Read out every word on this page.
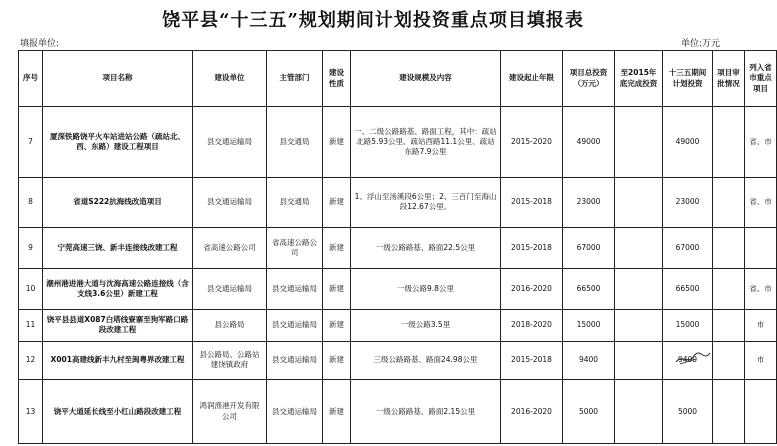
饶平县“十三五”规划期间计划投资重点项目填报表
填报单位:	单位:万元
序号	项目名称	建设单位	主管部门	建设性质	建设规模及内容	建设起止年限	项目总投资（万元）	至2015年底完成投资	十三五期间计划投资	项目审批情况	列入省市重点项目
7	厦深铁路饶平火车站进站公路（疏站北、西、东路）建设工程项目	县交通运输局	县交通局	新建	一、二级公路路基、路面工程，其中：疏站北路5.93公里、疏站西路11.1公里、疏站东路7.9公里	2015-2020	49000		49000		省、市
8	省道S222抗海线改造项目	县交通运输局	县交通局	新建	1、浮山至汤溪段6公里；2、三百门至海山段12.67公里。	2015-2018	23000		23000		省、市
9	宁莞高速三饶、新丰连接线改建工程	省高速公路公司	省高速公路公司	新建	一级公路路基、路面22.5公里	2015-2018	67000		67000		
10	潮州港进港大道与沈海高速公路连接线（含支线3.6公里）新建工程	县交通运输局	县交通运输局	新建	一级公路9.8公里	2016-2020	66500		66500		省、市
11	饶平县县道X087白塔线寮寨至狗军路口路段改建工程	县公路局	县交通运输局	新建	一级公路3.5里	2018-2020	15000		15000		市
12	X001高建线新丰九村至闽粤界改建工程	县公路局、公路站建饶镇政府	县交通运输局	新建	三级公路路基、路面24.98公里	2015-2018	9400		9400		市
13	饶平大道延长线至小红山路段改建工程	鸿润渔港开发有限公司	县交通运输局	新建	一级公路路基、路面2.15公里	2016-2020	5000		5000		
